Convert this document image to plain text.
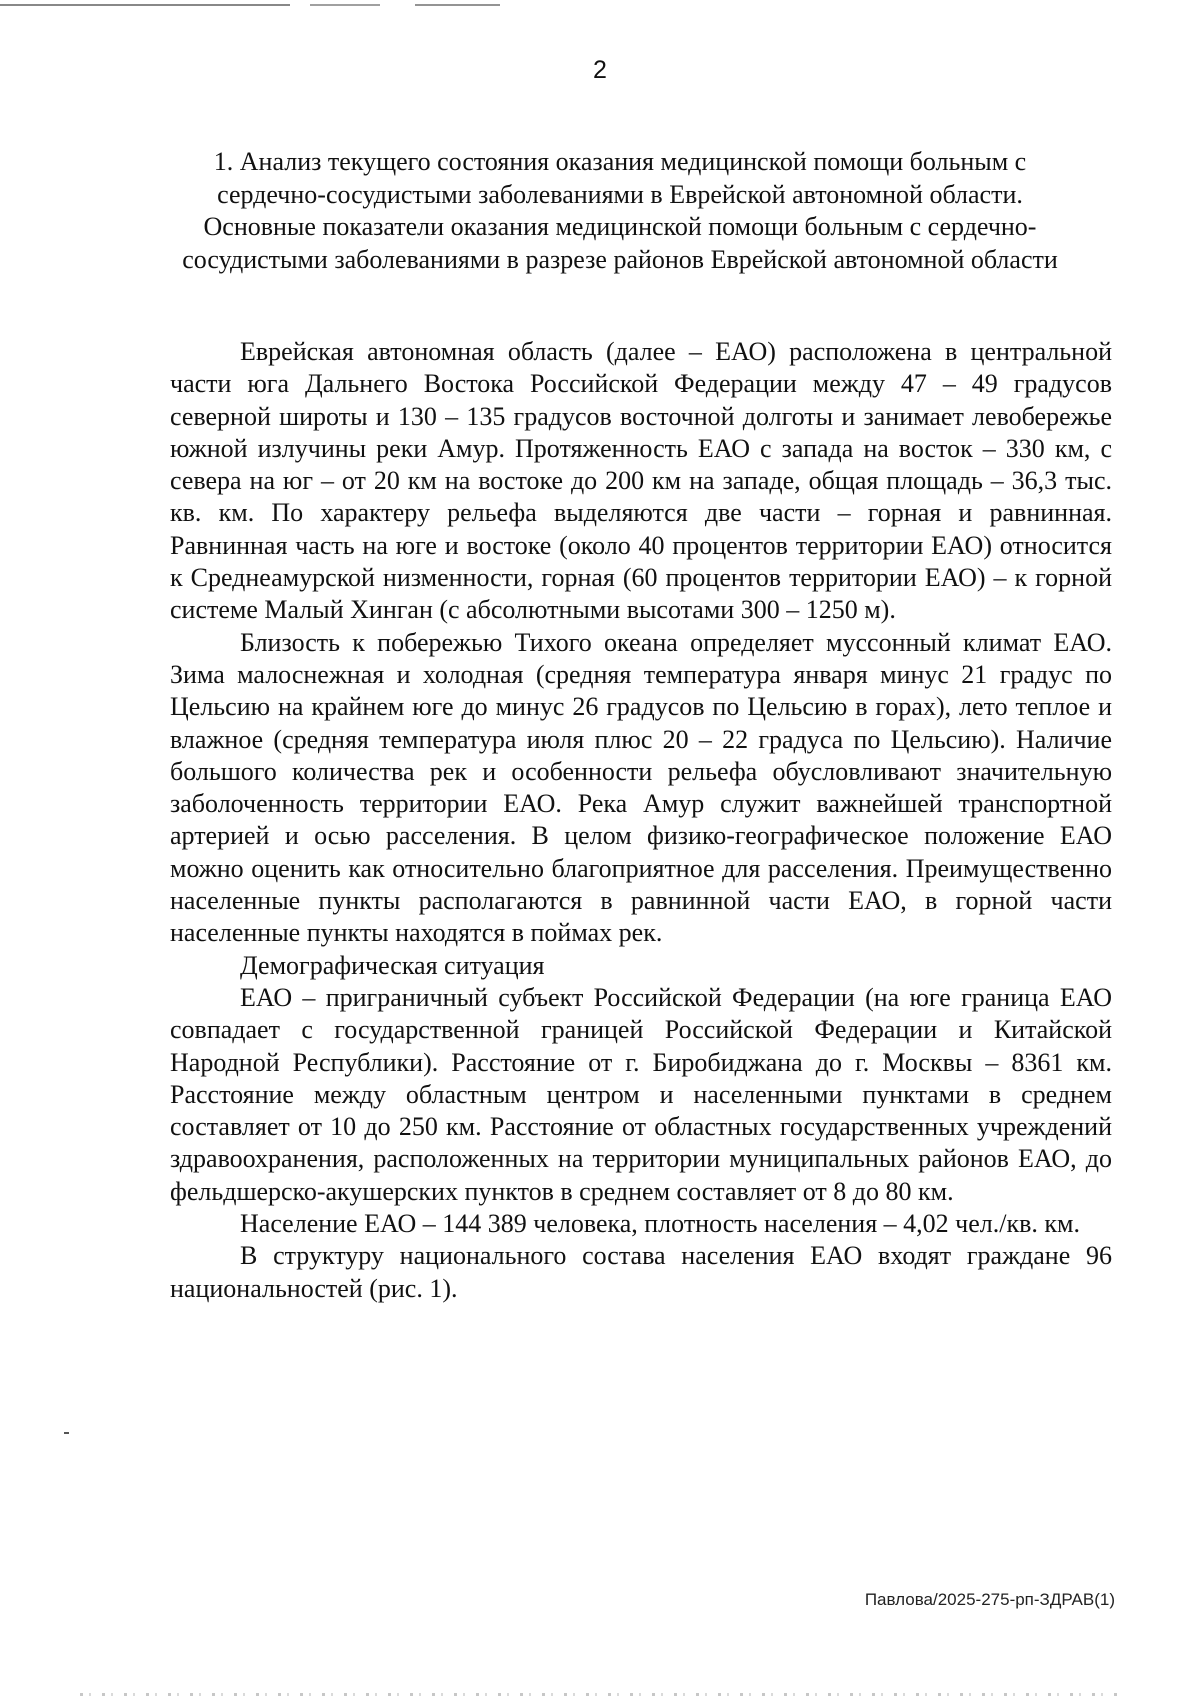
2
1. Анализ текущего состояния оказания медицинской помощи больным с сердечно-сосудистыми заболеваниями в Еврейской автономной области. Основные показатели оказания медицинской помощи больным с сердечно-сосудистыми заболеваниями в разрезе районов Еврейской автономной области

Еврейская автономная область (далее – ЕАО) расположена в центральной части юга Дальнего Востока Российской Федерации между 47 – 49 градусов северной широты и 130 – 135 градусов восточной долготы и занимает левобережье южной излучины реки Амур. Протяженность ЕАО с запада на восток – 330 км, с севера на юг – от 20 км на востоке до 200 км на западе, общая площадь – 36,3 тыс. кв. км. По характеру рельефа выделяются две части – горная и равнинная. Равнинная часть на юге и востоке (около 40 процентов территории ЕАО) относится к Среднеамурской низменности, горная (60 процентов территории ЕАО) – к горной системе Малый Хинган (с абсолютными высотами 300 – 1250 м).

Близость к побережью Тихого океана определяет муссонный климат ЕАО. Зима малоснежная и холодная (средняя температура января минус 21 градус по Цельсию на крайнем юге до минус 26 градусов по Цельсию в горах), лето теплое и влажное (средняя температура июля плюс 20 – 22 градуса по Цельсию). Наличие большого количества рек и особенности рельефа обусловливают значительную заболоченность территории ЕАО. Река Амур служит важнейшей транспортной артерией и осью расселения. В целом физико-географическое положение ЕАО можно оценить как относительно благоприятное для расселения. Преимущественно населенные пункты располагаются в равнинной части ЕАО, в горной части населенные пункты находятся в поймах рек.

Демографическая ситуация

ЕАО – приграничный субъект Российской Федерации (на юге граница ЕАО совпадает с государственной границей Российской Федерации и Китайской Народной Республики). Расстояние от г. Биробиджана до г. Москвы – 8361 км. Расстояние между областным центром и населенными пунктами в среднем составляет от 10 до 250 км. Расстояние от областных государственных учреждений здравоохранения, расположенных на территории муниципальных районов ЕАО, до фельдшерско-акушерских пунктов в среднем составляет от 8 до 80 км.

Население ЕАО – 144 389 человека, плотность населения – 4,02 чел./кв. км.

В структуру национального состава населения ЕАО входят граждане 96 национальностей (рис. 1).

Павлова/2025-275-рп-ЗДРАВ(1)
